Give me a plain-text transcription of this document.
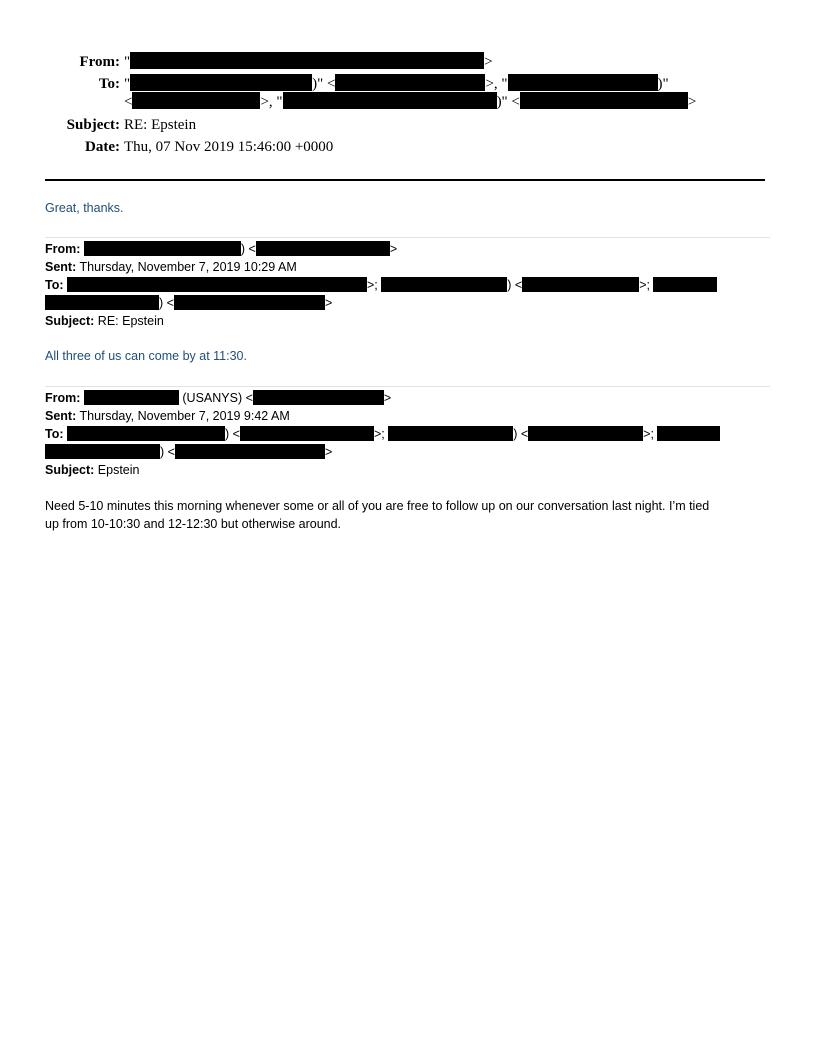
From: "	>
To: "	)" <	>, "	)"
<	>, "	)" <	>
Subject: RE: Epstein
Date: Thu, 07 Nov 2019 15:46:00 +0000
Great, thanks.
From:	) <	>
Sent: Thursday, November 7, 2019 10:29 AM
To:	>;	) <	>;
) <	>
Subject: RE: Epstein
All three of us can come by at 11:30.
From:	(USANYS) <	>
Sent: Thursday, November 7, 2019 9:42 AM
To:	) <	>;	) <	>;
) <	>
Subject: Epstein
Need 5-10 minutes this morning whenever some or all of you are free to follow up on our conversation last night. I’m tied
up from 10-10:30 and 12-12:30 but otherwise around.
